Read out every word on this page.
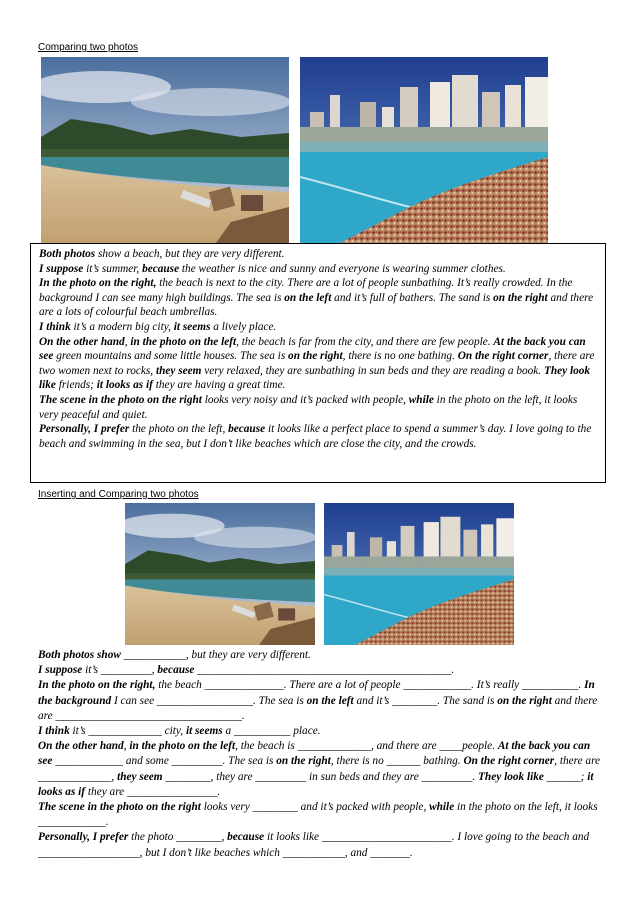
Comparing two photos

Both photos show a beach, but they are very different.

I suppose it’s summer, because the weather is nice and sunny and everyone is wearing summer clothes.

In the photo on the right, the beach is next to the city. There are a lot of people sunbathing. It’s really crowded. In the background I can see many high buildings. The sea is on the left and it’s full of bathers. The sand is on the right and there are a lots of colourful beach umbrellas.

I think it’s a modern big city, it seems a lively place.

On the other hand, in the photo on the left, the beach is far from the city, and there are few people. At the back you can see green mountains and some little houses. The sea is on the right, there is no one bathing. On the right corner, there are two women next to rocks, they seem very relaxed, they are sunbathing in sun beds and they are reading a book. They look like friends; it looks as if they are having a great time.

The scene in the photo on the right looks very noisy and it’s packed with people, while in the photo on the left, it looks very peaceful and quiet.

Personally, I prefer the photo on the left, because it looks like a perfect place to spend a summer’s day. I love going to the beach and swimming in the sea, but I don’t like beaches which are close the city, and the crowds.

Inserting and Comparing two photos

Both photos show ___________, but they are very different.

I suppose it’s _________, because _____________________________________________.

In the photo on the right, the beach ______________. There are a lot of people ____________. It’s really __________. In the background I can see _________________. The sea is on the left and it’s ________. The sand is on the right and there are _________________________________.

I think it’s _____________ city, it seems a __________ place.

On the other hand, in the photo on the left, the beach is _____________, and there are ____people. At the back you can see ____________ and some _________. The sea is on the right, there is no ______ bathing. On the right corner, there are _____________, they seem ________, they are _________ in sun beds and they are _________. They look like ______; it looks as if they are ________________.

The scene in the photo on the right looks very ________ and it’s packed with people, while in the photo on the left, it looks ____________.

Personally, I prefer the photo ________, because it looks like _______________________. I love going to the beach and __________________, but I don’t like beaches which ___________, and _______.
